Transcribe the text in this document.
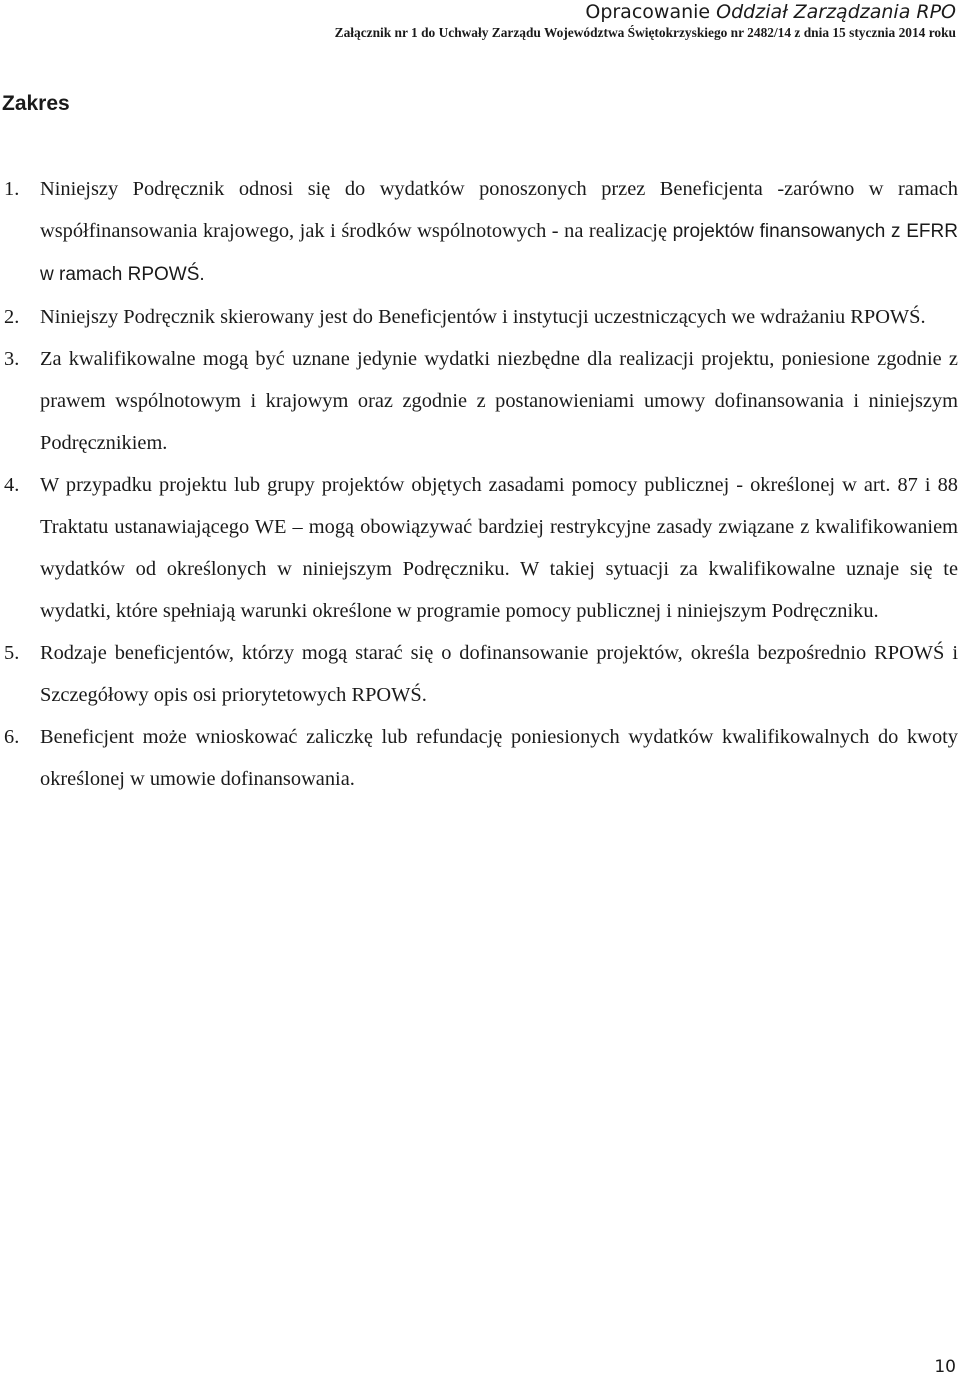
Opracowanie Oddział Zarządzania RPO
Załącznik nr 1 do Uchwały Zarządu Województwa Świętokrzyskiego nr 2482/14 z dnia 15 stycznia 2014 roku
Zakres
1. Niniejszy Podręcznik odnosi się do wydatków ponoszonych przez Beneficjenta -zarówno w ramach współfinansowania krajowego, jak i środków wspólnotowych - na realizację projektów finansowanych z EFRR w ramach RPOWŚ.
2. Niniejszy Podręcznik skierowany jest do Beneficjentów i instytucji uczestniczących we wdrażaniu RPOWŚ.
3. Za kwalifikowalne mogą być uznane jedynie wydatki niezbędne dla realizacji projektu, poniesione zgodnie z prawem wspólnotowym i krajowym oraz zgodnie z postanowieniami umowy dofinansowania i niniejszym Podręcznikiem.
4. W przypadku projektu lub grupy projektów objętych zasadami pomocy publicznej - określonej w art. 87 i 88 Traktatu ustanawiającego WE – mogą obowiązywać bardziej restrykcyjne zasady związane z kwalifikowaniem wydatków od określonych w niniejszym Podręczniku. W takiej sytuacji za kwalifikowalne uznaje się te wydatki, które spełniają warunki określone w programie pomocy publicznej i niniejszym Podręczniku.
5. Rodzaje beneficjentów, którzy mogą starać się o dofinansowanie projektów, określa bezpośrednio RPOWŚ i Szczegółowy opis osi priorytetowych RPOWŚ.
6. Beneficjent może wnioskować zaliczkę lub refundację poniesionych wydatków kwalifikowalnych do kwoty określonej w umowie dofinansowania.
10
